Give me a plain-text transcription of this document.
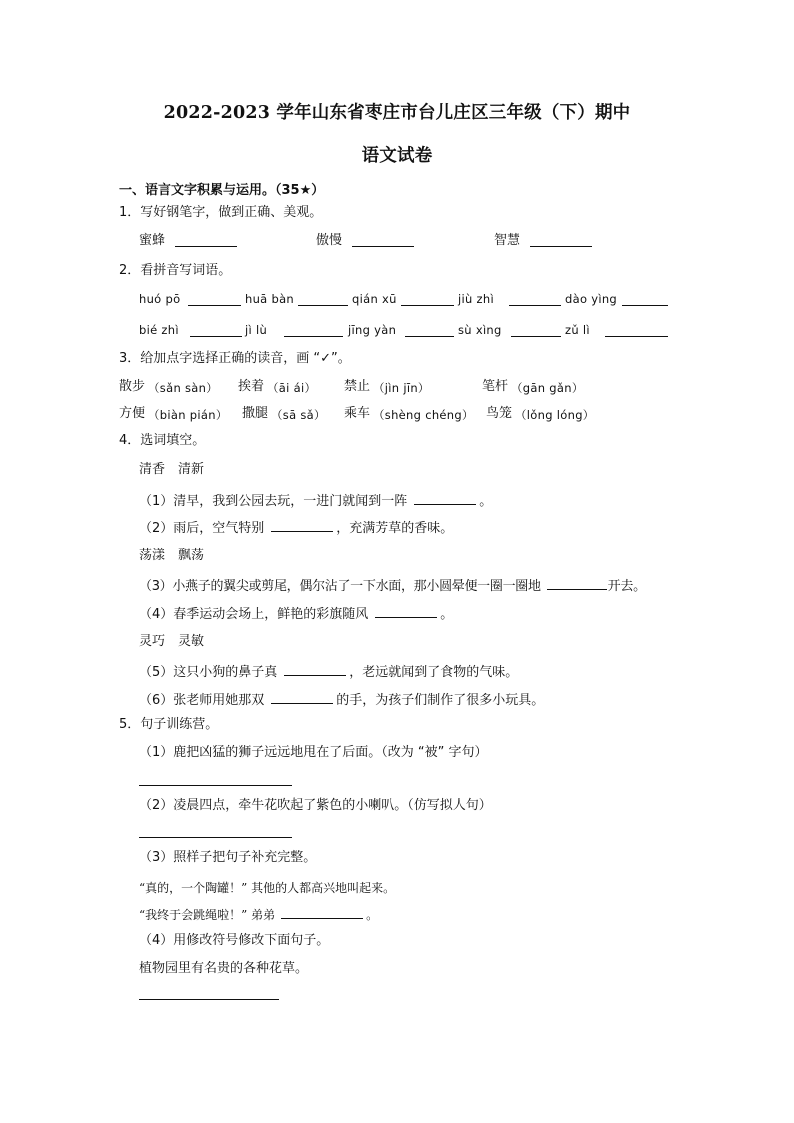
2022-2023 学年山东省枣庄市台儿庄区三年级（下）期中
语文试卷
一、语言文字积累与运用。（35★）
1．写好钢笔字，做到正确、美观。
蜜蜂	傲慢	智慧
2．看拼音写词语。
huó pō	huā bàn	qián xū	jiù zhì	dào yìng
bié zhì	jì lù	jīng yàn	sù xìng	zǔ lì
3．给加点字选择正确的读音，画 “✓”。
散步 （sǎn sàn） 挨着 （āi ái） 禁止 （jìn jīn）	笔杆 （gān gǎn）
方便 （biàn pián） 撒腿 （sā sǎ） 乘车 （shèng chéng） 鸟笼 （lǒng lóng）
4．选词填空。
清香　清新
（1）清早，我到公园去玩，一进门就闻到一阵	。
（2）雨后，空气特别	，充满芳草的香味。
荡漾　飘荡
（3）小燕子的翼尖或剪尾，偶尔沾了一下水面，那小圆晕便一圈一圈地	开去。
（4）春季运动会场上，鲜艳的彩旗随风	。
灵巧　灵敏
（5）这只小狗的鼻子真	，老远就闻到了食物的气味。
（6）张老师用她那双	的手，为孩子们制作了很多小玩具。
5．句子训练营。
（1）鹿把凶猛的狮子远远地甩在了后面。（改为 “被” 字句）
（2）凌晨四点，牵牛花吹起了紫色的小喇叭。（仿写拟人句）
（3）照样子把句子补充完整。
“真的，一个陶罐！” 其他的人都高兴地叫起来。
“我终于会跳绳啦！” 弟弟	。
（4）用修改符号修改下面句子。
植物园里有名贵的各种花草。
